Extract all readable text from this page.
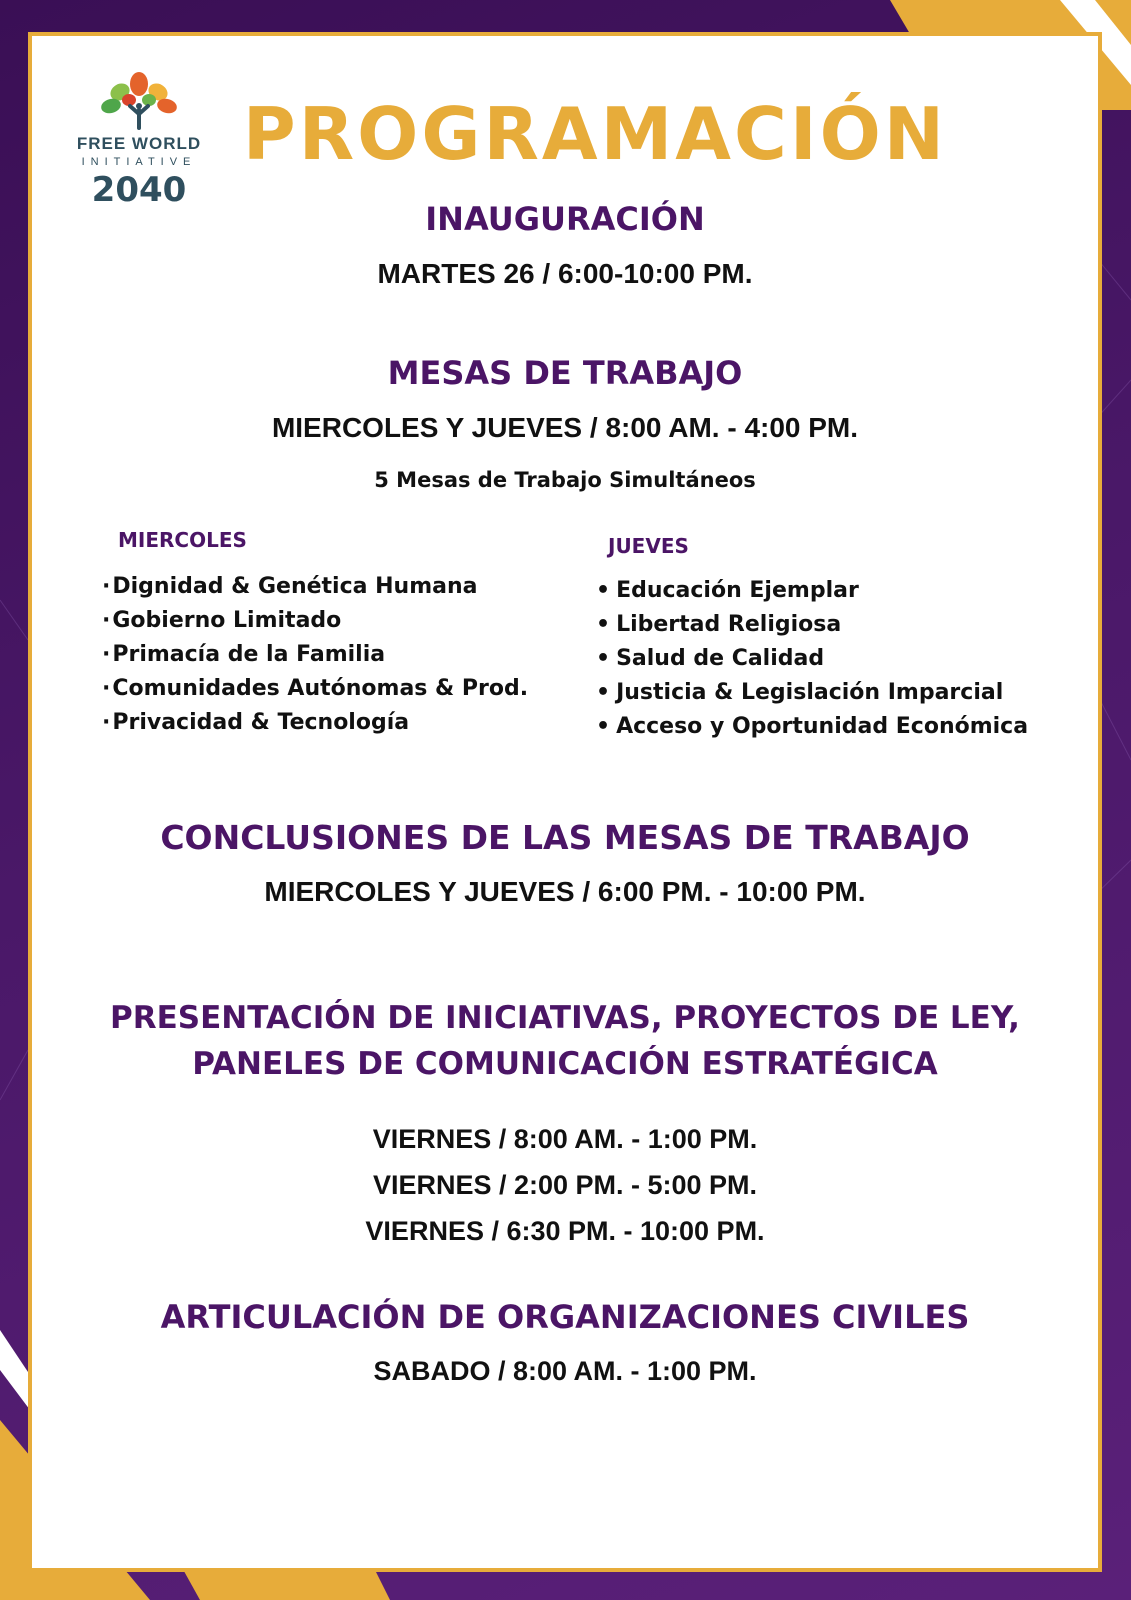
FREE WORLD
INITIATIVE
2040
PROGRAMACIÓN
INAUGURACIÓN
MARTES 26 / 6:00-10:00 PM.
MESAS DE TRABAJO
MIERCOLES Y JUEVES / 8:00 AM. - 4:00 PM.
5 Mesas de Trabajo Simultáneos
MIERCOLES
·Dignidad & Genética Humana
·Gobierno Limitado
·Primacía de la Familia
·Comunidades Autónomas & Prod.
·Privacidad & Tecnología
JUEVES
• Educación Ejemplar
• Libertad Religiosa
• Salud de Calidad
• Justicia & Legislación Imparcial
• Acceso y Oportunidad Económica
CONCLUSIONES DE LAS MESAS DE TRABAJO
MIERCOLES Y JUEVES / 6:00 PM. - 10:00 PM.
PRESENTACIÓN DE INICIATIVAS, PROYECTOS DE LEY,
PANELES DE COMUNICACIÓN ESTRATÉGICA
VIERNES / 8:00 AM. - 1:00 PM.
VIERNES / 2:00 PM. - 5:00 PM.
VIERNES / 6:30 PM. - 10:00 PM.
ARTICULACIÓN DE ORGANIZACIONES CIVILES
SABADO / 8:00 AM. - 1:00 PM.
